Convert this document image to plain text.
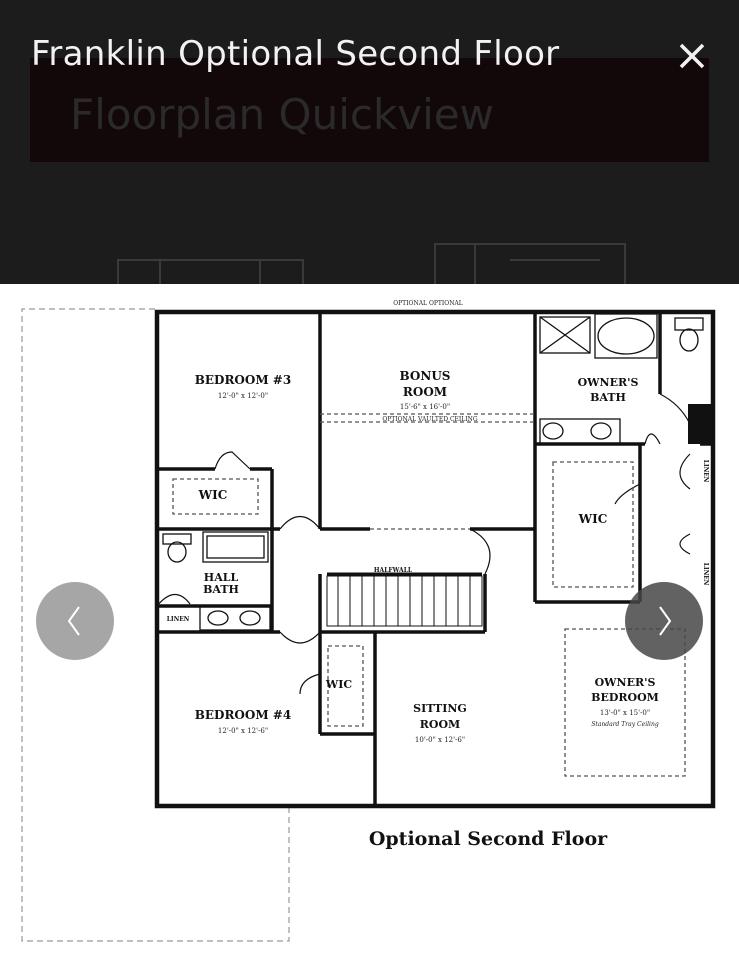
Floorplan Quickview
Franklin Optional Second Floor
BEDROOM #3
12'-0" x 12'-0"
BONUS
ROOM
15'-6" x 16'-0"
OPTIONAL VAULTED CEILING
OPTIONAL OPTIONAL
OWNER'S
BATH
WIC
WIC
WIC
HALL
BATH
LINEN
LINEN
LINEN
HALFWALL
BEDROOM #4
12'-0" x 12'-6"
SITTING
ROOM
10'-0" x 12'-6"
OWNER'S
BEDROOM
13'-0" x 15'-0"
Standard Tray Ceiling
Optional Second Floor
